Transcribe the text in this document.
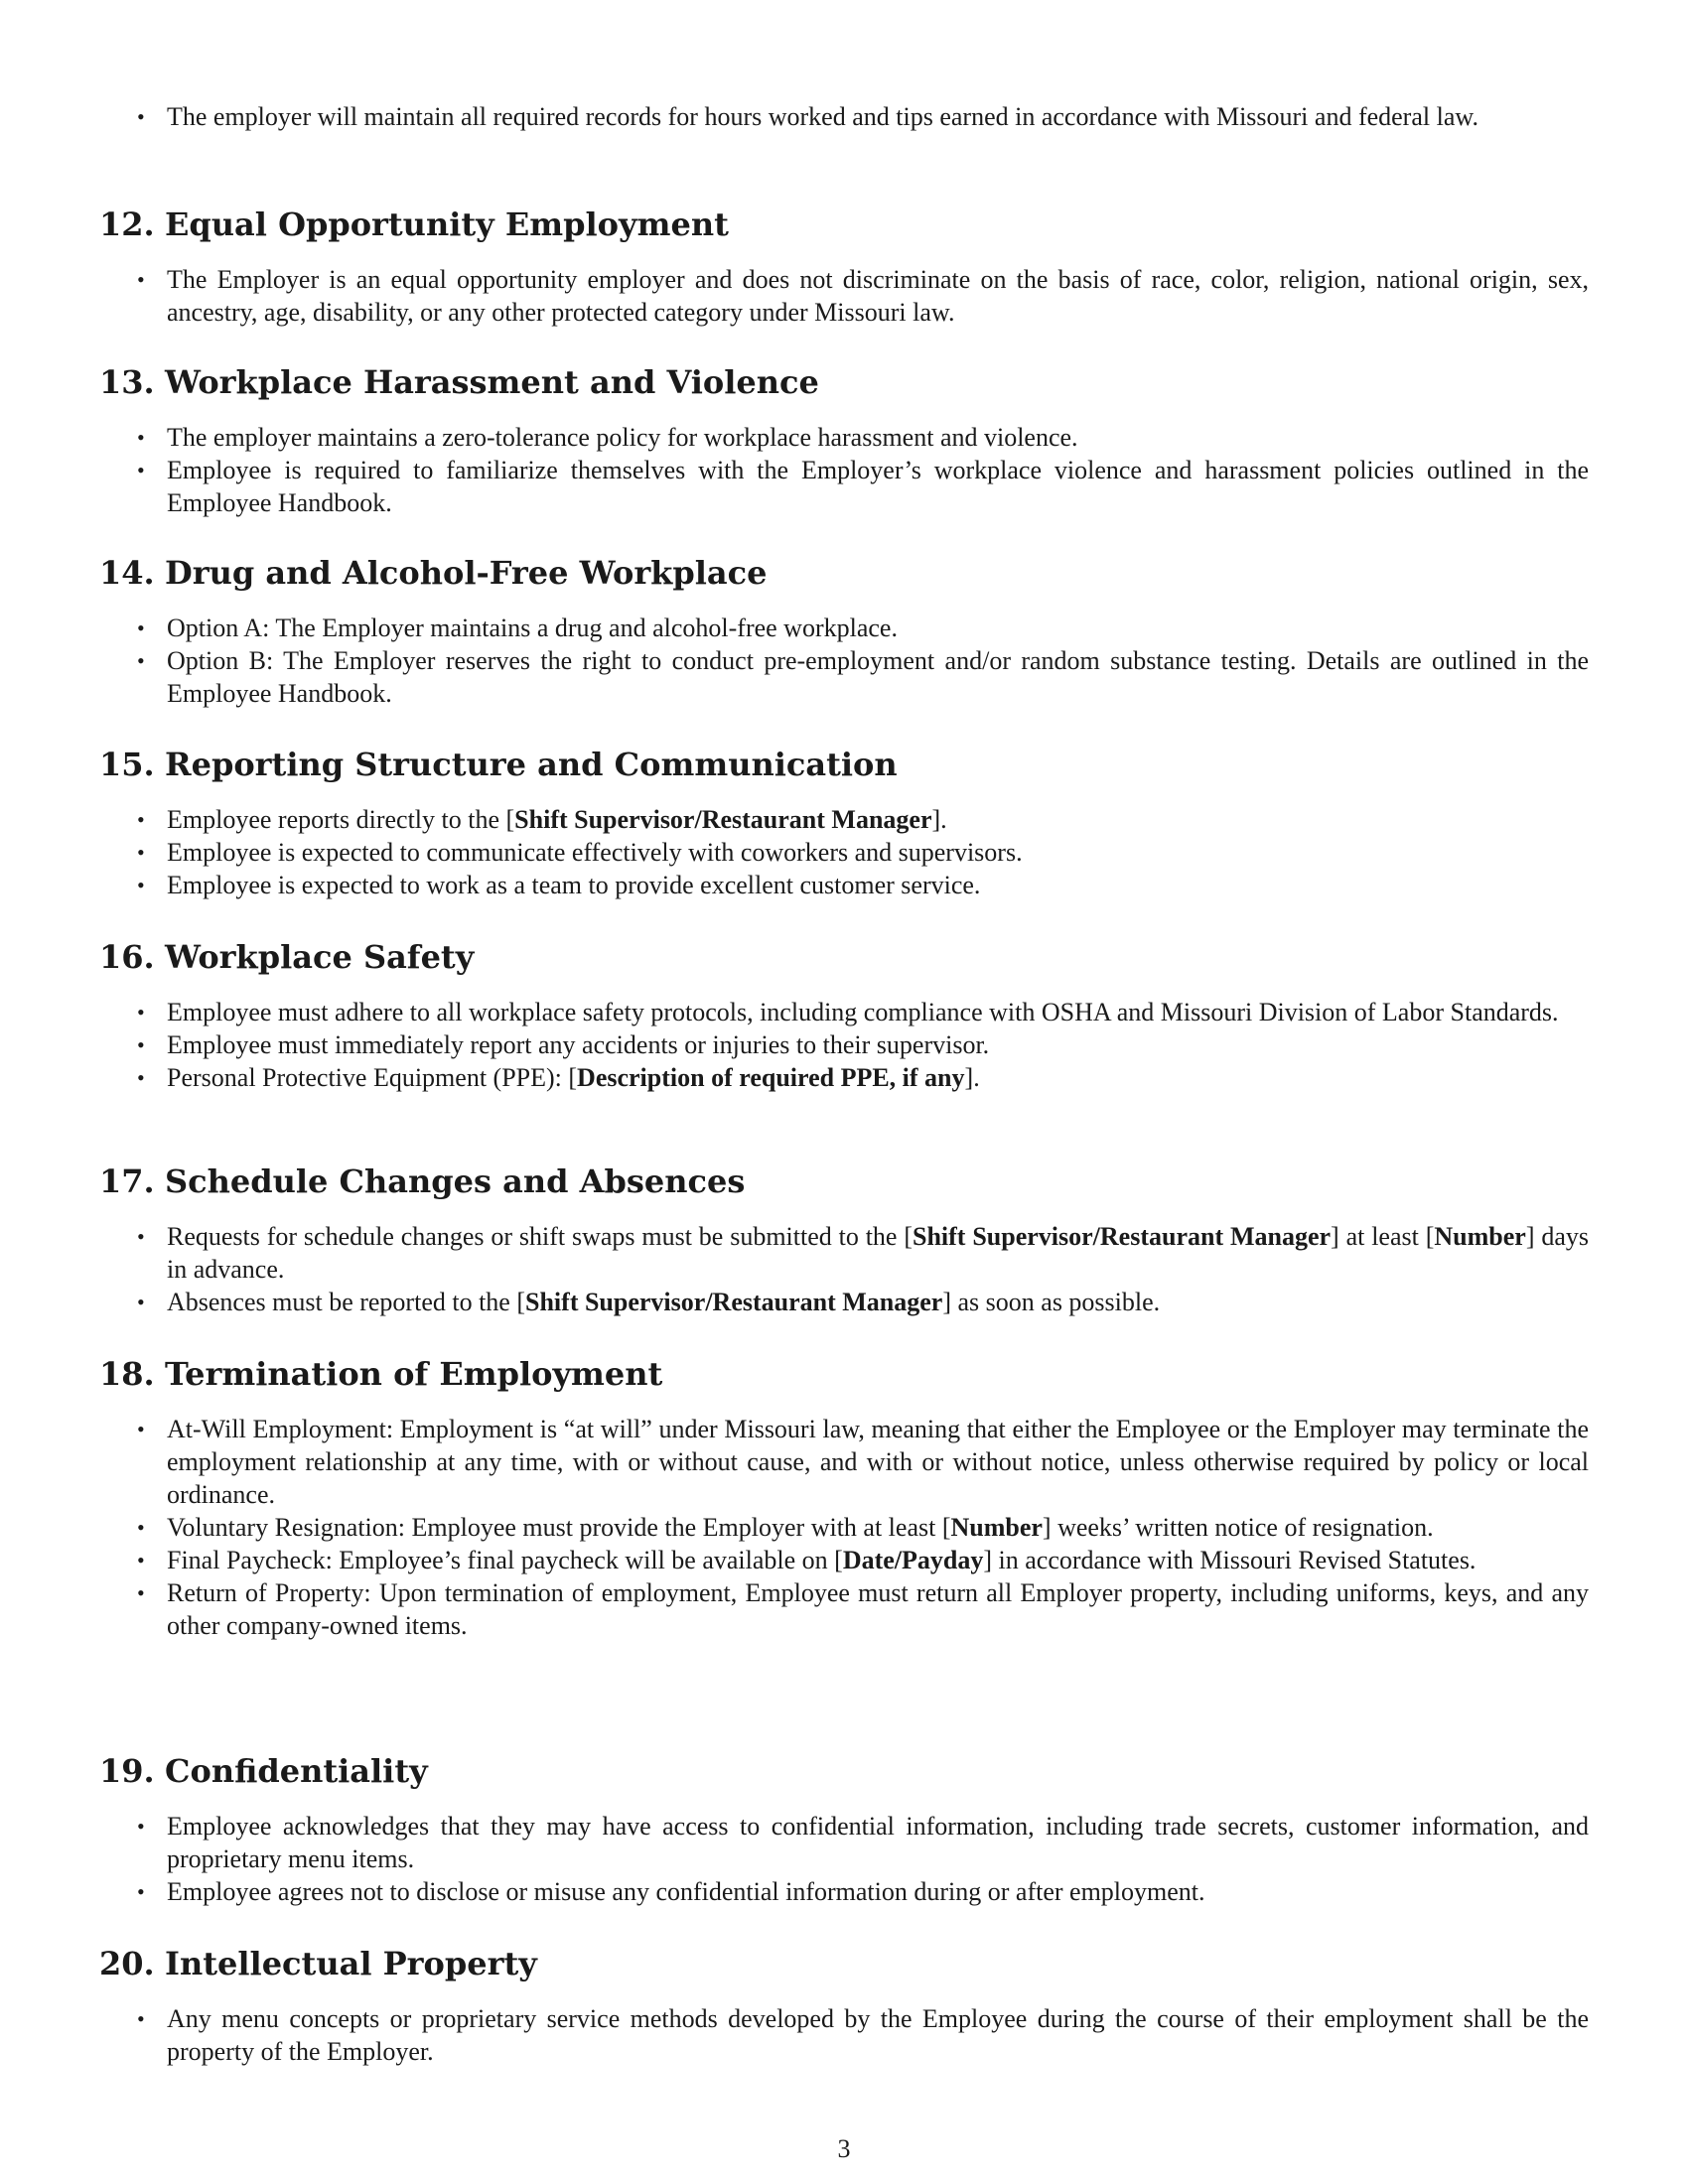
• The employer will maintain all required records for hours worked and tips earned in accordance with Missouri and federal law.
12. Equal Opportunity Employment
• The Employer is an equal opportunity employer and does not discriminate on the basis of race, color, religion, national origin, sex, ancestry, age, disability, or any other protected category under Missouri law.
13. Workplace Harassment and Violence
• The employer maintains a zero-tolerance policy for workplace harassment and violence.
• Employee is required to familiarize themselves with the Employer’s workplace violence and harassment policies outlined in the Employee Handbook.
14. Drug and Alcohol-Free Workplace
• Option A: The Employer maintains a drug and alcohol-free workplace.
• Option B: The Employer reserves the right to conduct pre-employment and/or random substance testing. Details are outlined in the Employee Handbook.
15. Reporting Structure and Communication
• Employee reports directly to the [Shift Supervisor/Restaurant Manager].
• Employee is expected to communicate effectively with coworkers and supervisors.
• Employee is expected to work as a team to provide excellent customer service.
16. Workplace Safety
• Employee must adhere to all workplace safety protocols, including compliance with OSHA and Missouri Division of Labor Standards.
• Employee must immediately report any accidents or injuries to their supervisor.
• Personal Protective Equipment (PPE): [Description of required PPE, if any].
17. Schedule Changes and Absences
• Requests for schedule changes or shift swaps must be submitted to the [Shift Supervisor/Restaurant Manager] at least [Number] days in advance.
• Absences must be reported to the [Shift Supervisor/Restaurant Manager] as soon as possible.
18. Termination of Employment
• At-Will Employment: Employment is “at will” under Missouri law, meaning that either the Employee or the Employer may terminate the employment relationship at any time, with or without cause, and with or without notice, unless otherwise required by policy or local ordinance.
• Voluntary Resignation: Employee must provide the Employer with at least [Number] weeks’ written notice of resignation.
• Final Paycheck: Employee’s final paycheck will be available on [Date/Payday] in accordance with Missouri Revised Statutes.
• Return of Property: Upon termination of employment, Employee must return all Employer property, including uniforms, keys, and any other company-owned items.
19. Confidentiality
• Employee acknowledges that they may have access to confidential information, including trade secrets, customer information, and proprietary menu items.
• Employee agrees not to disclose or misuse any confidential information during or after employment.
20. Intellectual Property
• Any menu concepts or proprietary service methods developed by the Employee during the course of their employment shall be the property of the Employer.
3
